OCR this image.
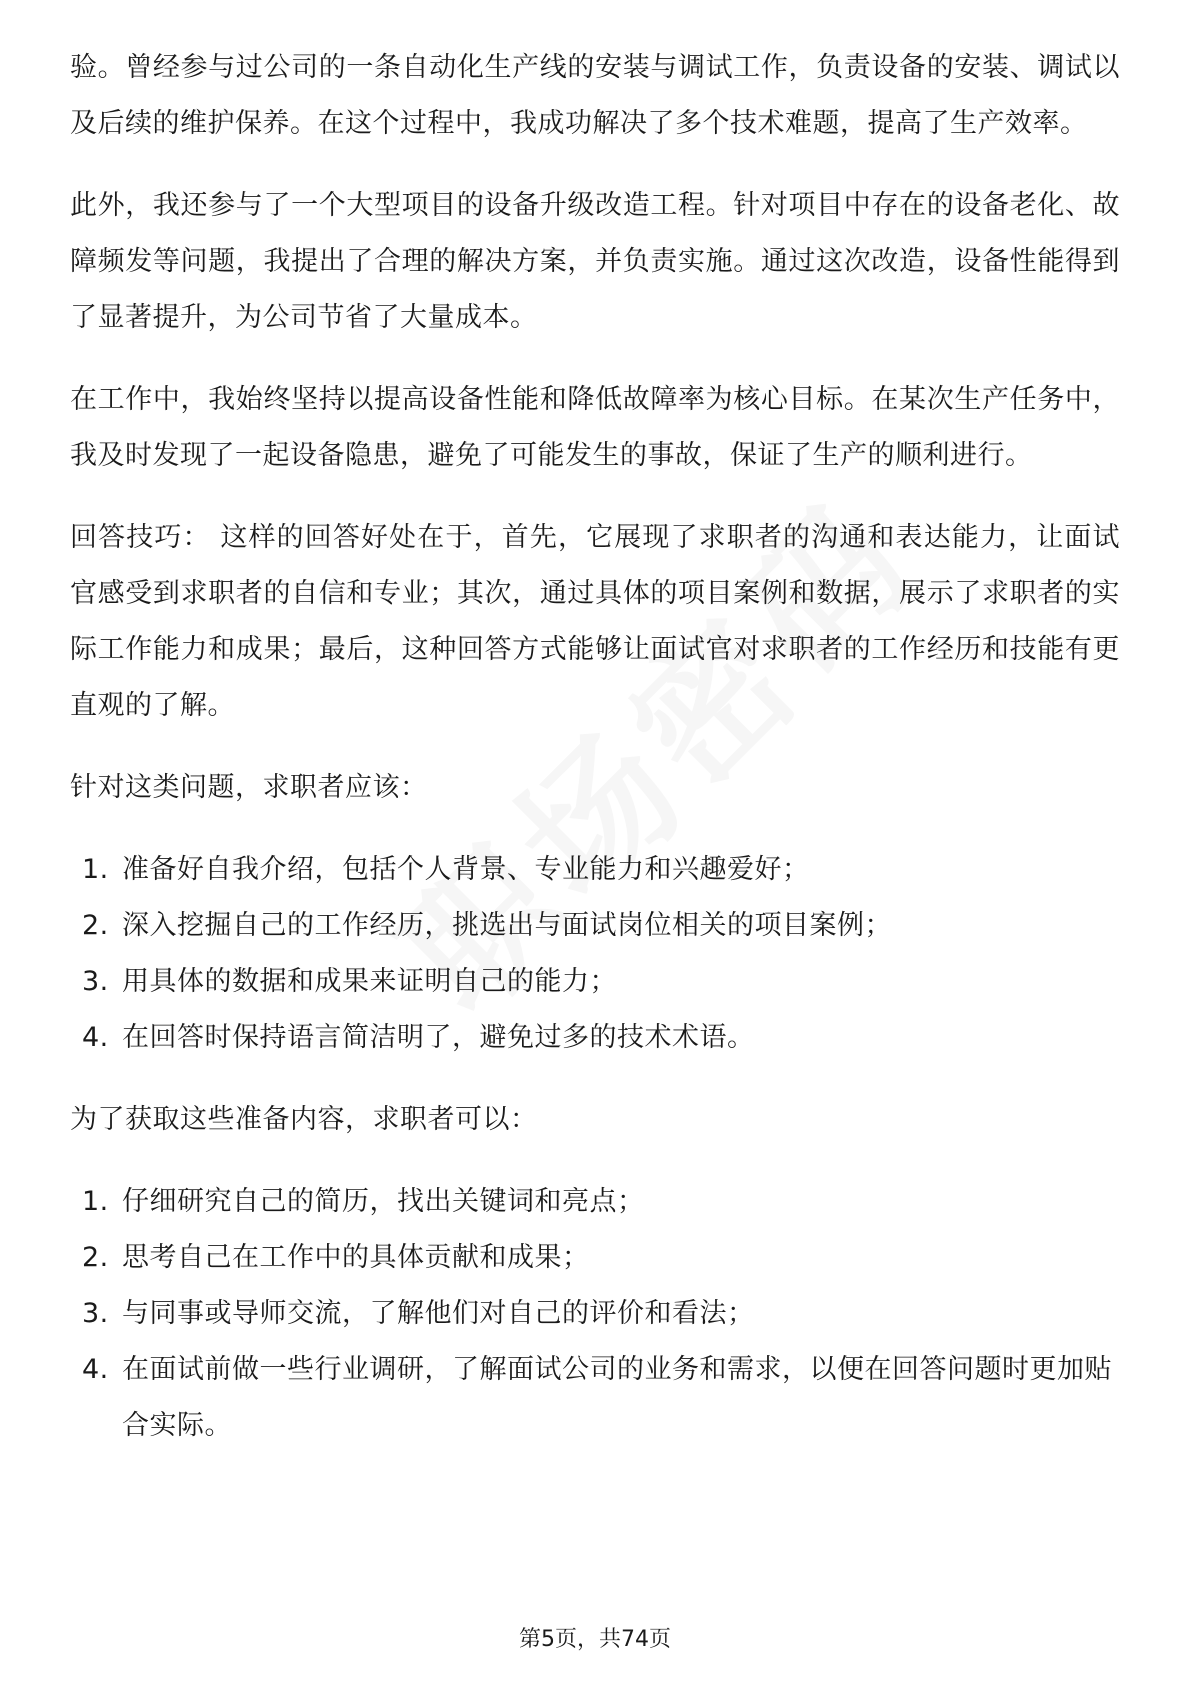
验。曾经参与过公司的一条自动化生产线的安装与调试工作，负责设备的安装、调试以及后续的维护保养。在这个过程中，我成功解决了多个技术难题，提高了生产效率。

此外，我还参与了一个大型项目的设备升级改造工程。针对项目中存在的设备老化、故障频发等问题，我提出了合理的解决方案，并负责实施。通过这次改造，设备性能得到了显著提升，为公司节省了大量成本。

在工作中，我始终坚持以提高设备性能和降低故障率为核心目标。在某次生产任务中，我及时发现了一起设备隐患，避免了可能发生的事故，保证了生产的顺利进行。

回答技巧： 这样的回答好处在于，首先，它展现了求职者的沟通和表达能力，让面试官感受到求职者的自信和专业；其次，通过具体的项目案例和数据，展示了求职者的实际工作能力和成果；最后，这种回答方式能够让面试官对求职者的工作经历和技能有更直观的了解。

针对这类问题，求职者应该：

1. 准备好自我介绍，包括个人背景、专业能力和兴趣爱好；
2. 深入挖掘自己的工作经历，挑选出与面试岗位相关的项目案例；
3. 用具体的数据和成果来证明自己的能力；
4. 在回答时保持语言简洁明了，避免过多的技术术语。

为了获取这些准备内容，求职者可以：

1. 仔细研究自己的简历，找出关键词和亮点；
2. 思考自己在工作中的具体贡献和成果；
3. 与同事或导师交流，了解他们对自己的评价和看法；
4. 在面试前做一些行业调研，了解面试公司的业务和需求，以便在回答问题时更加贴合实际。
第5页，共74页
